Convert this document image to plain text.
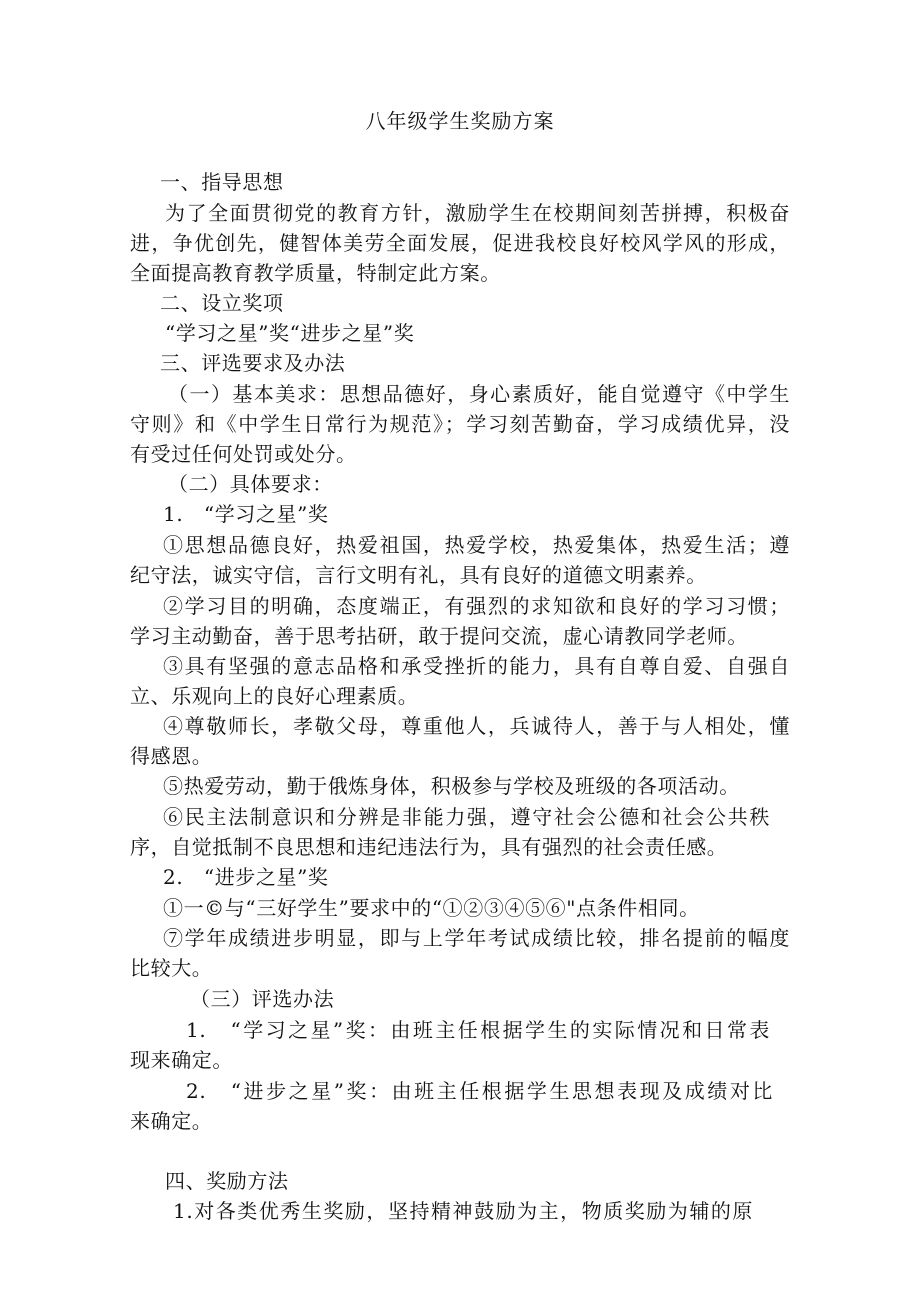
八年级学生奖励方案
一、指导思想
为了全面贯彻党的教育方针，激励学生在校期间刻苦拼搏，积极奋
进，争优创先，健智体美劳全面发展，促进我校良好校风学风的形成，
全面提高教育教学质量，特制定此方案。
二、设立奖项
“学习之星”奖“进步之星”奖
三、评选要求及办法
（一）基本美求：思想品德好，身心素质好，能自觉遵守《中学生
守则》和《中学生日常行为规范》；学习刻苦勤奋，学习成绩优异，没
有受过任何处罚或处分。
（二）具体要求：
1.　“学习之星”奖
①思想品德良好，热爱祖国，热爱学校，热爱集体，热爱生活；遵
纪守法，诚实守信，言行文明有礼，具有良好的道德文明素养。
②学习目的明确，态度端正，有强烈的求知欲和良好的学习习惯；
学习主动勤奋，善于思考拈研，敢于提问交流，虚心请教同学老师。
③具有坚强的意志品格和承受挫折的能力，具有自尊自爱、自强自
立、乐观向上的良好心理素质。
④尊敬师长，孝敬父母，尊重他人，兵诚待人，善于与人相处，懂
得感恩。
⑤热爱劳动，勤于俄炼身体，积极参与学校及班级的各项活动。
⑥民主法制意识和分辨是非能力强，遵守社会公德和社会公共秩
序，自觉抵制不良思想和违纪违法行为，具有强烈的社会责任感。
2.　“进步之星”奖
①一©与“三好学生”要求中的“①②③④⑤⑥"点条件相同。
⑦学年成绩进步明显，即与上学年考试成绩比较，排名提前的幅度
比较大。
（三）评选办法
1.　“学习之星”奖：由班主任根据学生的实际情况和日常表
现来确定。
2.　“进步之星”奖：由班主任根据学生思想表现及成绩对比
来确定。
四、奖励方法
1.对各类优秀生奖励，坚持精神鼓励为主，物质奖励为辅的原
